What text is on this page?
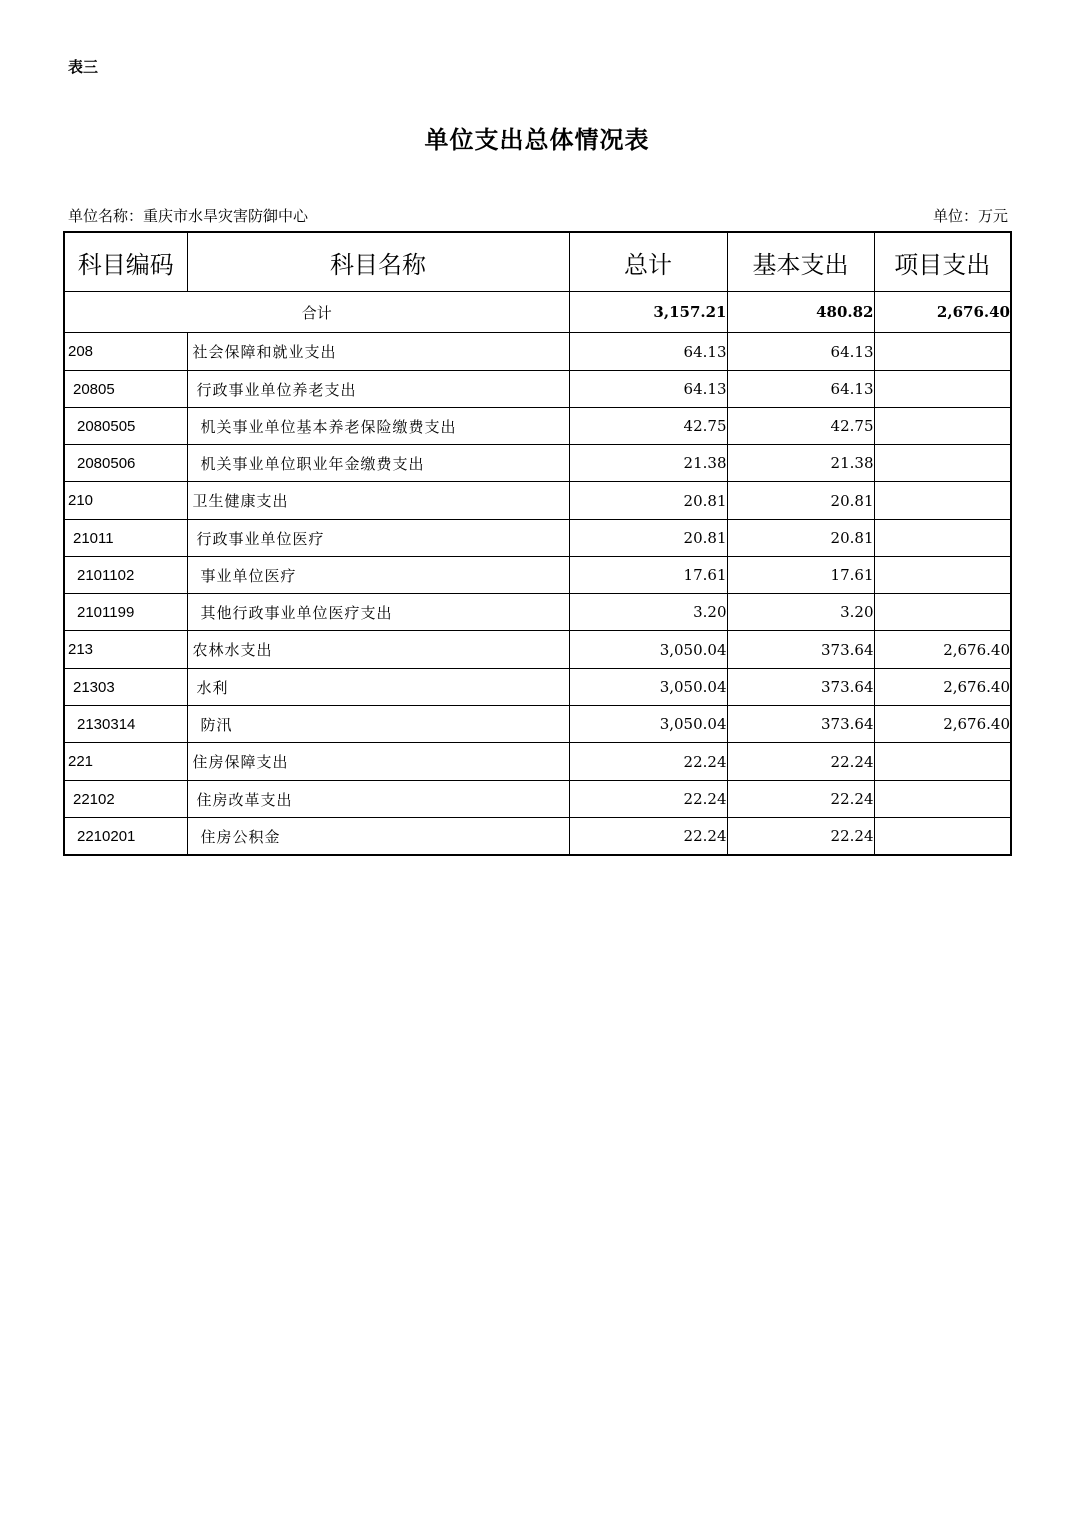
表三
单位支出总体情况表
单位名称：重庆市水旱灾害防御中心	单位：万元
科目编码	科目名称	总计	基本支出	项目支出
合计		3,157.21	480.82	2,676.40
208	社会保障和就业支出	64.13	64.13	
20805	行政事业单位养老支出	64.13	64.13	
2080505	机关事业单位基本养老保险缴费支出	42.75	42.75	
2080506	机关事业单位职业年金缴费支出	21.38	21.38	
210	卫生健康支出	20.81	20.81	
21011	行政事业单位医疗	20.81	20.81	
2101102	事业单位医疗	17.61	17.61	
2101199	其他行政事业单位医疗支出	3.20	3.20	
213	农林水支出	3,050.04	373.64	2,676.40
21303	水利	3,050.04	373.64	2,676.40
2130314	防汛	3,050.04	373.64	2,676.40
221	住房保障支出	22.24	22.24	
22102	住房改革支出	22.24	22.24	
2210201	住房公积金	22.24	22.24	
